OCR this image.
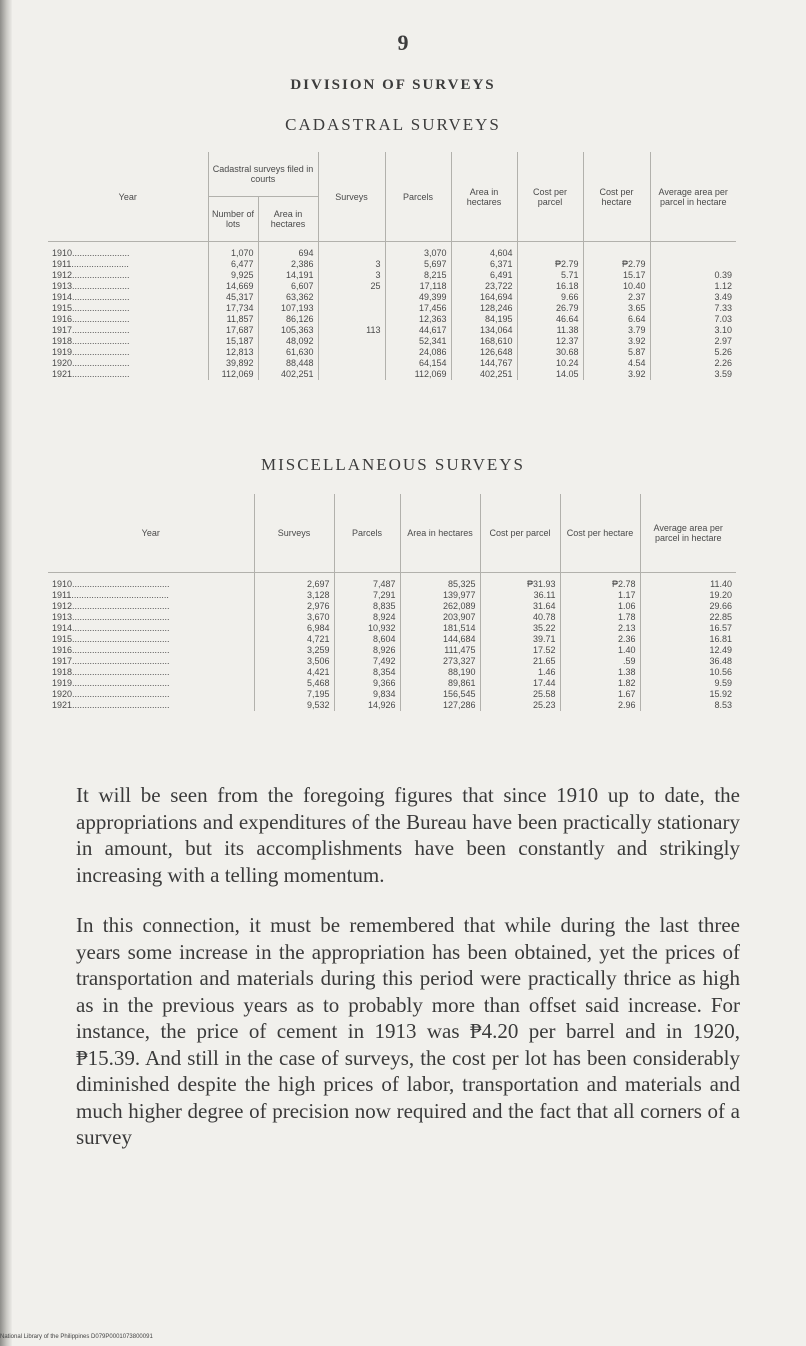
9
DIVISION OF SURVEYS
CADASTRAL SURVEYS
Year	Cadastral surveys filed in courts		Surveys	Parcels	Area in hectares	Cost per parcel	Cost per hectare	Average area per parcel in hectare
	Number of lots	Area in hectares						
1910.......................	1,070	694		3,070	4,604			
1911.......................	6,477	2,386	3	5,697	6,371	₱2.79	₱2.79	
1912.......................	9,925	14,191	3	8,215	6,491	5.71	15.17	0.39
1913.......................	14,669	6,607	25	17,118	23,722	16.18	10.40	1.12
1914.......................	45,317	63,362		49,399	164,694	9.66	2.37	3.49
1915.......................	17,734	107,193		17,456	128,246	26.79	3.65	7.33
1916.......................	11,857	86,126		12,363	84,195	46.64	6.64	7.03
1917.......................	17,687	105,363	113	44,617	134,064	11.38	3.79	3.10
1918.......................	15,187	48,092		52,341	168,610	12.37	3.92	2.97
1919.......................	12,813	61,630		24,086	126,648	30.68	5.87	5.26
1920.......................	39,892	88,448		64,154	144,767	10.24	4.54	2.26
1921.......................	112,069	402,251		112,069	402,251	14.05	3.92	3.59
MISCELLANEOUS SURVEYS
Year	Surveys	Parcels	Area in hectares	Cost per parcel	Cost per hectare	Average area per parcel in hectare
1910.......................................	2,697	7,487	85,325	₱31.93	₱2.78	11.40
1911.......................................	3,128	7,291	139,977	36.11	1.17	19.20
1912.......................................	2,976	8,835	262,089	31.64	1.06	29.66
1913.......................................	3,670	8,924	203,907	40.78	1.78	22.85
1914.......................................	6,984	10,932	181,514	35.22	2.13	16.57
1915.......................................	4,721	8,604	144,684	39.71	2.36	16.81
1916.......................................	3,259	8,926	111,475	17.52	1.40	12.49
1917.......................................	3,506	7,492	273,327	21.65	.59	36.48
1918.......................................	4,421	8,354	88,190	1.46	1.38	10.56
1919.......................................	5,468	9,366	89,861	17.44	1.82	9.59
1920.......................................	7,195	9,834	156,545	25.58	1.67	15.92
1921.......................................	9,532	14,926	127,286	25.23	2.96	8.53
It will be seen from the foregoing figures that since 1910 up to date, the appropriations and expenditures of the Bureau have been practically stationary in amount, but its accomplishments have been constantly and strikingly increasing with a telling momentum.
In this connection, it must be remembered that while during the last three years some increase in the appropriation has been obtained, yet the prices of transportation and materials during this period were practically thrice as high as in the previous years as to probably more than offset said increase. For instance, the price of cement in 1913 was ₱4.20 per barrel and in 1920, ₱15.39. And still in the case of surveys, the cost per lot has been considerably diminished despite the high prices of labor, transportation and materials and much higher degree of precision now required and the fact that all corners of a survey
National Library of the Philippines D079P0001073800091
